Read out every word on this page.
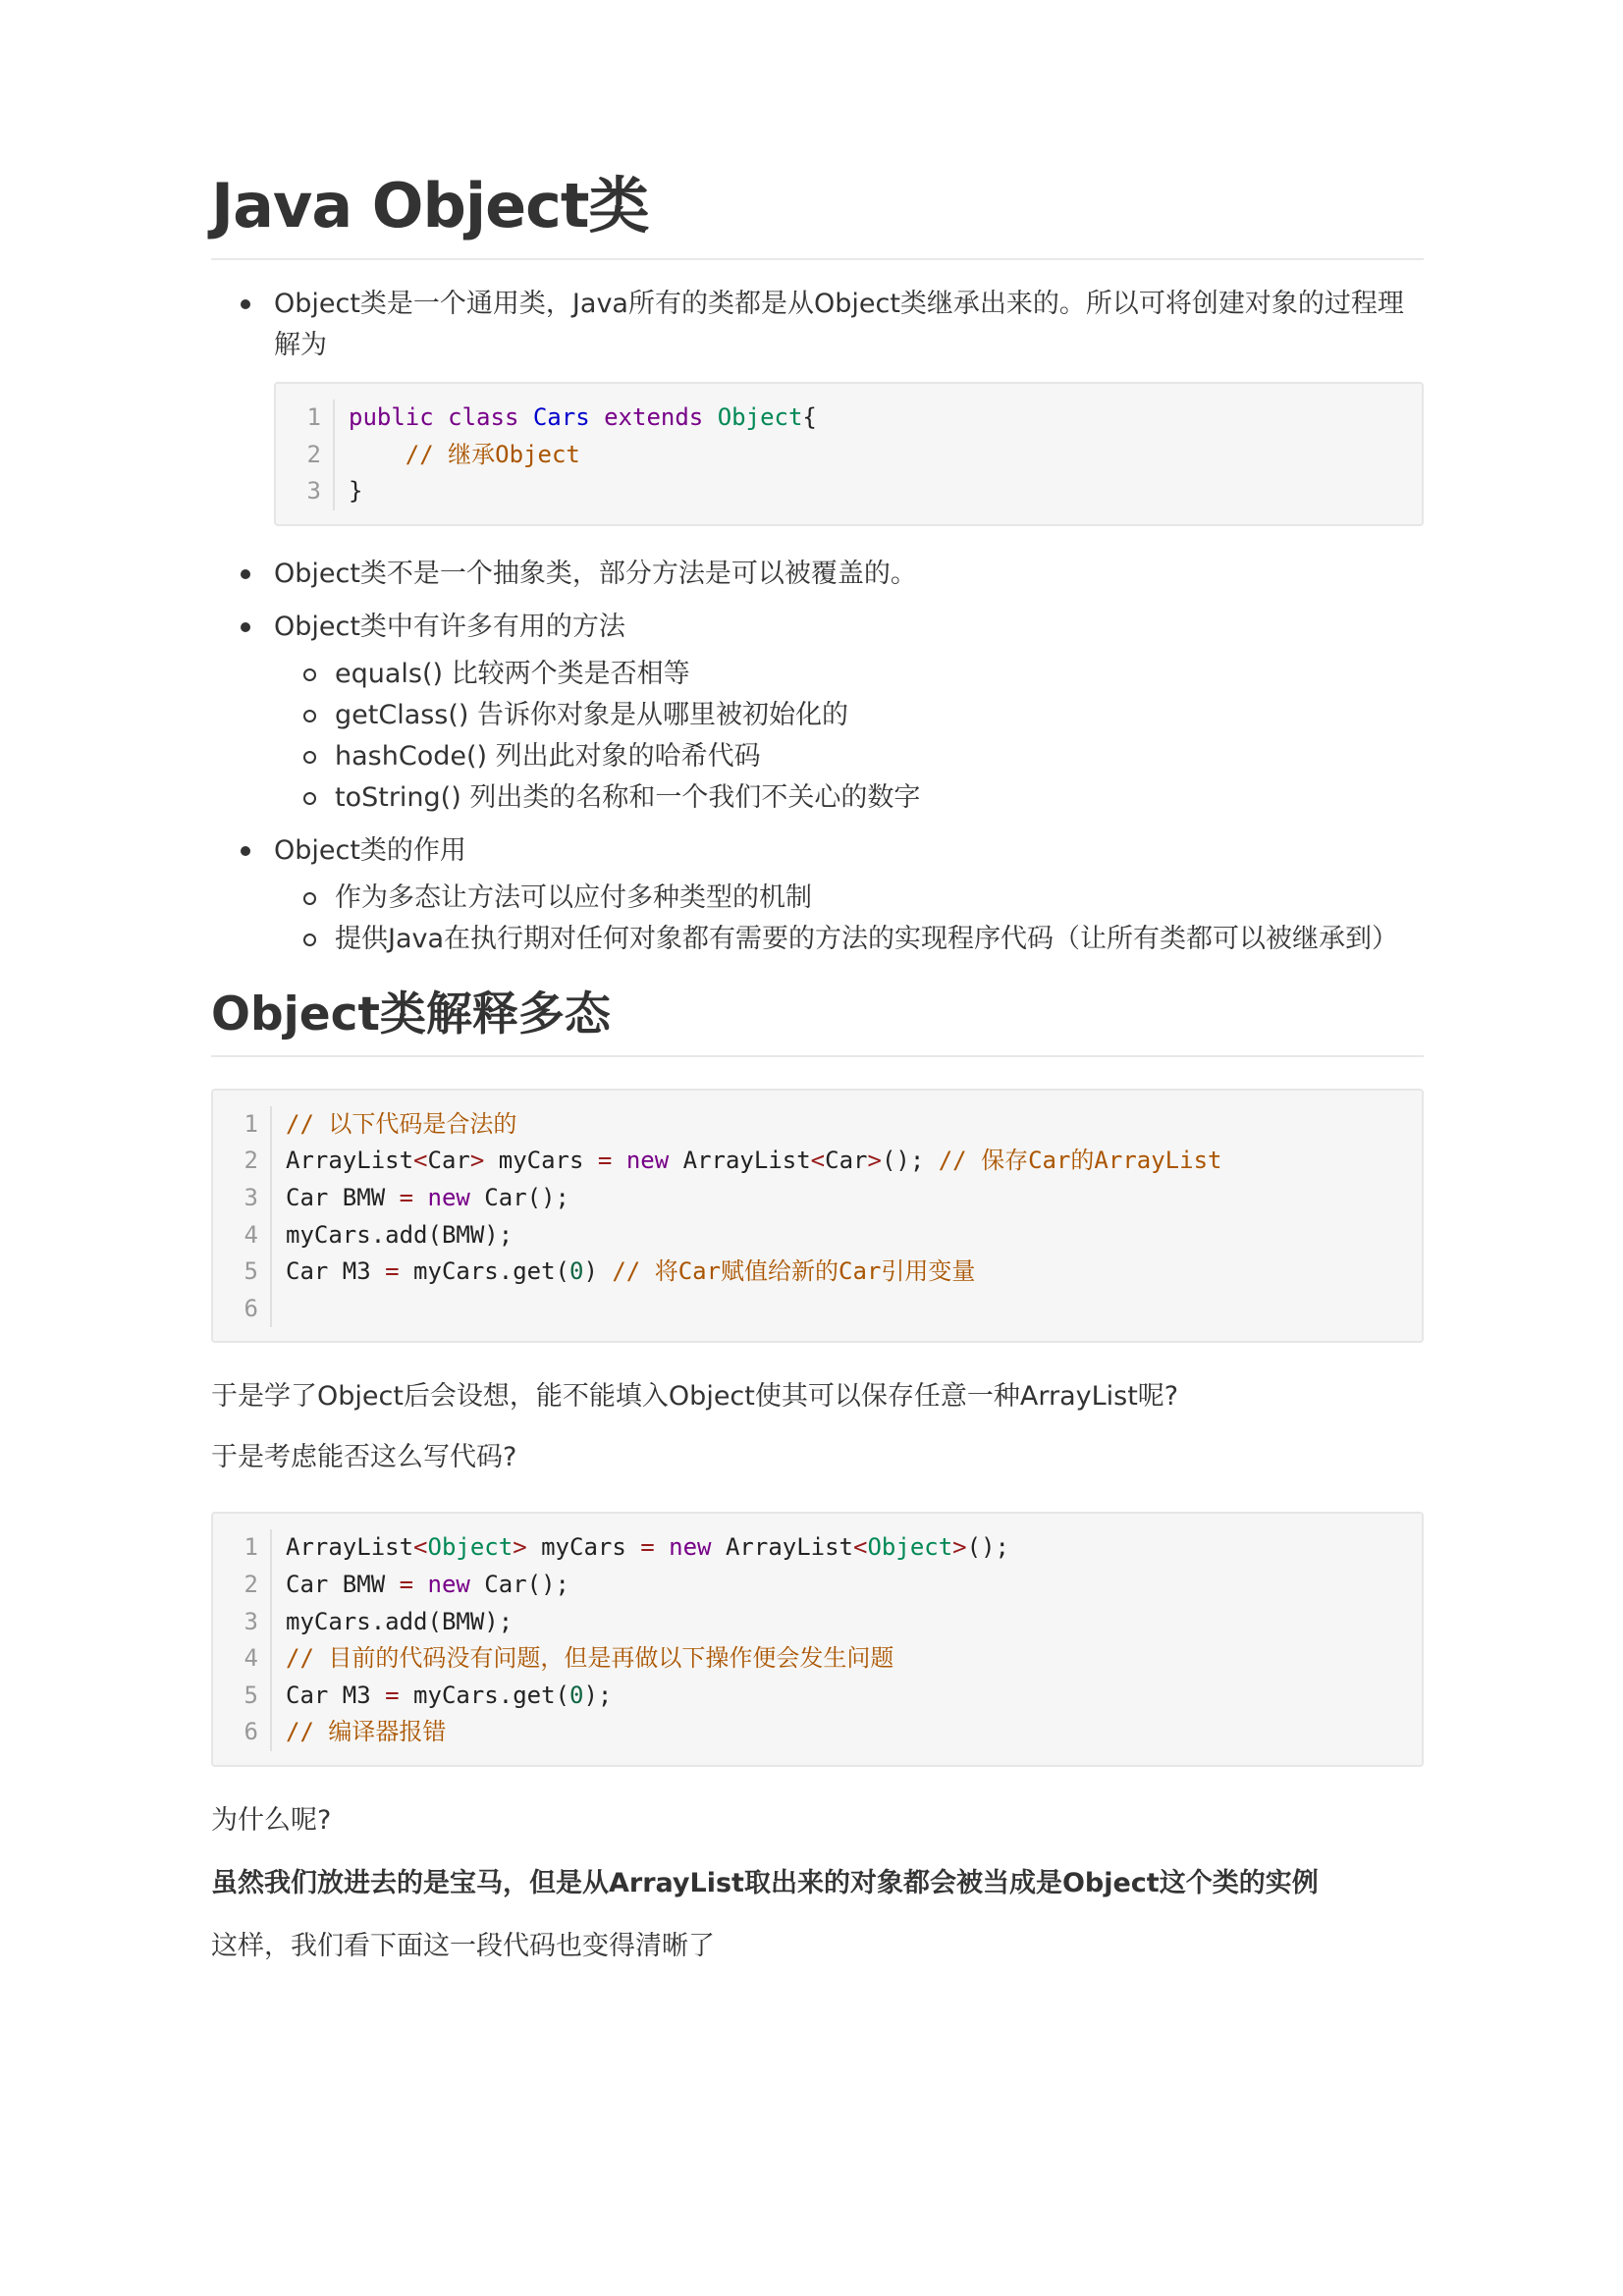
Java Object类
Object类是一个通用类，Java所有的类都是从Object类继承出来的。所以可将创建对象的过程理解为
1	public class Cars extends Object{
2	// 继承Object
3	}
Object类不是一个抽象类，部分方法是可以被覆盖的。
Object类中有许多有用的方法
equals() 比较两个类是否相等
getClass() 告诉你对象是从哪里被初始化的
hashCode() 列出此对象的哈希代码
toString() 列出类的名称和一个我们不关心的数字
Object类的作用
作为多态让方法可以应付多种类型的机制
提供Java在执行期对任何对象都有需要的方法的实现程序代码（让所有类都可以被继承到）
Object类解释多态
1	// 以下代码是合法的
2	ArrayList<Car> myCars = new ArrayList<Car>(); // 保存Car的ArrayList
3	Car BMW = new Car();
4	myCars.add(BMW);
5	Car M3 = myCars.get(0) // 将Car赋值给新的Car引用变量
6

于是学了Object后会设想，能不能填入Object使其可以保存任意一种ArrayList呢?

于是考虑能否这么写代码?

1	ArrayList<Object> myCars = new ArrayList<Object>();
2	Car BMW = new Car();
3	myCars.add(BMW);
4	// 目前的代码没有问题，但是再做以下操作便会发生问题
5	Car M3 = myCars.get(0);
6	// 编译器报错

为什么呢?

虽然我们放进去的是宝马，但是从ArrayList取出来的对象都会被当成是Object这个类的实例

这样，我们看下面这一段代码也变得清晰了
